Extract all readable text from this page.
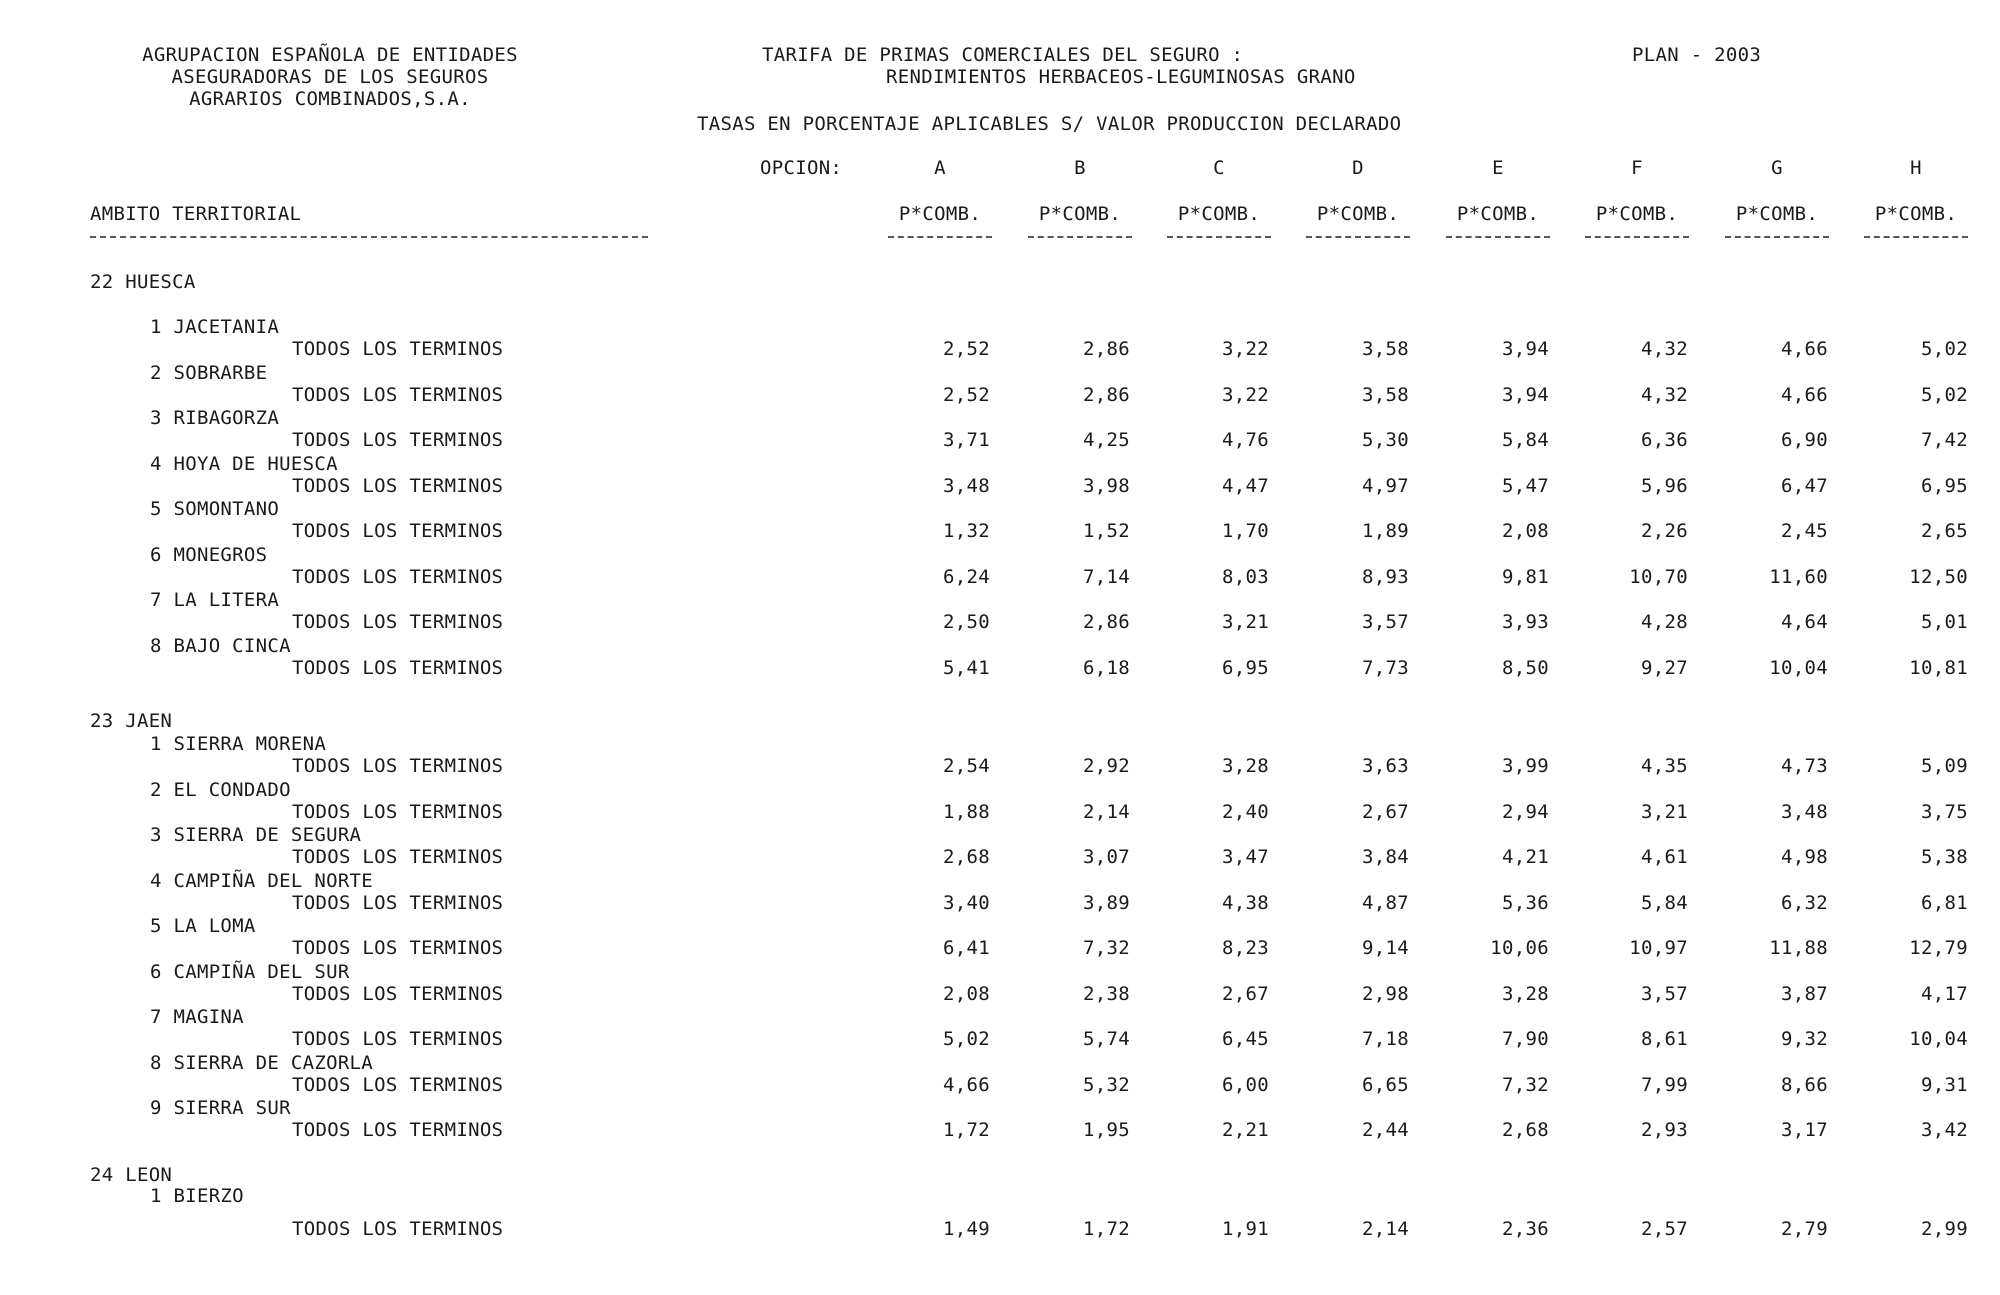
AGRUPACION ESPAÑOLA DE ENTIDADES
ASEGURADORAS DE LOS SEGUROS
AGRARIOS COMBINADOS,S.A.
TARIFA DE PRIMAS COMERCIALES DEL SEGURO :
RENDIMIENTOS HERBACEOS-LEGUMINOSAS GRANO
PLAN - 2003
TASAS EN PORCENTAJE APLICABLES S/ VALOR PRODUCCION DECLARADO
OPCION:	A	B	C	D	E	F	G	H
AMBITO TERRITORIAL	P*COMB.	P*COMB.	P*COMB.	P*COMB.	P*COMB.	P*COMB.	P*COMB.	P*COMB.
22 HUESCA
1 JACETANIA
TODOS LOS TERMINOS	2,52	2,86	3,22	3,58	3,94	4,32	4,66	5,02
2 SOBRARBE
TODOS LOS TERMINOS	2,52	2,86	3,22	3,58	3,94	4,32	4,66	5,02
3 RIBAGORZA
TODOS LOS TERMINOS	3,71	4,25	4,76	5,30	5,84	6,36	6,90	7,42
4 HOYA DE HUESCA
TODOS LOS TERMINOS	3,48	3,98	4,47	4,97	5,47	5,96	6,47	6,95
5 SOMONTANO
TODOS LOS TERMINOS	1,32	1,52	1,70	1,89	2,08	2,26	2,45	2,65
6 MONEGROS
TODOS LOS TERMINOS	6,24	7,14	8,03	8,93	9,81	10,70	11,60	12,50
7 LA LITERA
TODOS LOS TERMINOS	2,50	2,86	3,21	3,57	3,93	4,28	4,64	5,01
8 BAJO CINCA
TODOS LOS TERMINOS	5,41	6,18	6,95	7,73	8,50	9,27	10,04	10,81
23 JAEN
1 SIERRA MORENA
TODOS LOS TERMINOS	2,54	2,92	3,28	3,63	3,99	4,35	4,73	5,09
2 EL CONDADO
TODOS LOS TERMINOS	1,88	2,14	2,40	2,67	2,94	3,21	3,48	3,75
3 SIERRA DE SEGURA
TODOS LOS TERMINOS	2,68	3,07	3,47	3,84	4,21	4,61	4,98	5,38
4 CAMPIÑA DEL NORTE
TODOS LOS TERMINOS	3,40	3,89	4,38	4,87	5,36	5,84	6,32	6,81
5 LA LOMA
TODOS LOS TERMINOS	6,41	7,32	8,23	9,14	10,06	10,97	11,88	12,79
6 CAMPIÑA DEL SUR
TODOS LOS TERMINOS	2,08	2,38	2,67	2,98	3,28	3,57	3,87	4,17
7 MAGINA
TODOS LOS TERMINOS	5,02	5,74	6,45	7,18	7,90	8,61	9,32	10,04
8 SIERRA DE CAZORLA
TODOS LOS TERMINOS	4,66	5,32	6,00	6,65	7,32	7,99	8,66	9,31
9 SIERRA SUR
TODOS LOS TERMINOS	1,72	1,95	2,21	2,44	2,68	2,93	3,17	3,42
24 LEON
1 BIERZO
TODOS LOS TERMINOS	1,49	1,72	1,91	2,14	2,36	2,57	2,79	2,99
